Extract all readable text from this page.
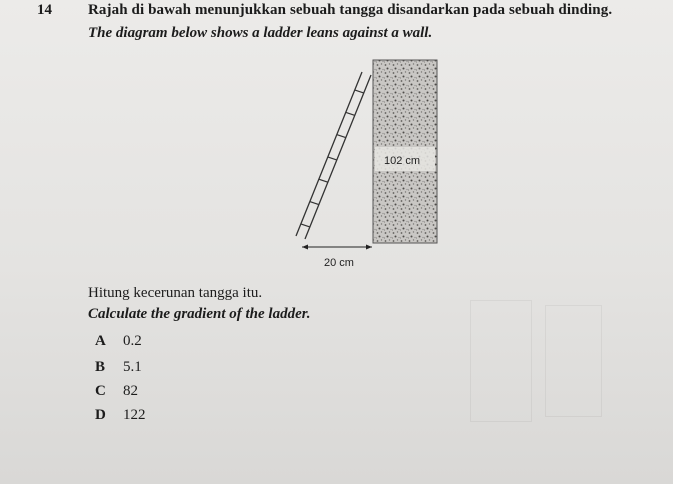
14 Rajah di bawah menunjukkan sebuah tangga disandarkan pada sebuah dinding.
The diagram below shows a ladder leans against a wall.
102 cm
20 cm
Hitung kecerunan tangga itu.
Calculate the gradient of the ladder.
A	0.2
B	5.1
C	82
D	122
